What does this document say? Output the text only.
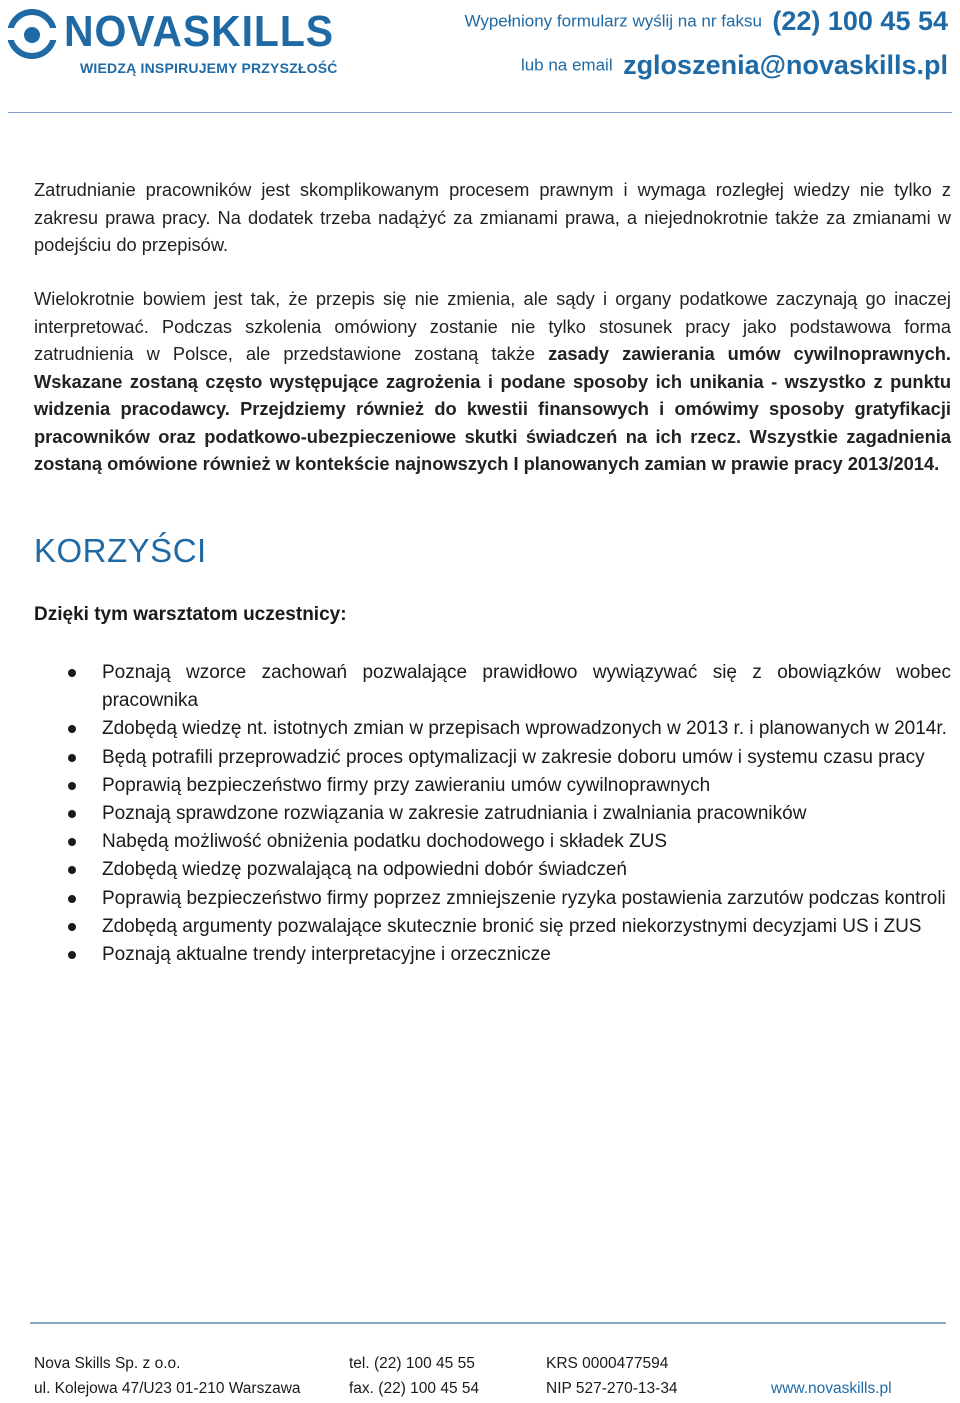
NOVASKILLS
WIEDZĄ INSPIRUJEMY PRZYSZŁOŚĆ
Wypełniony formularz wyślij na nr faksu (22) 100 45 54
lub na email zgloszenia@novaskills.pl
Zatrudnianie pracowników jest skomplikowanym procesem prawnym i wymaga rozległej wiedzy nie tylko z zakresu prawa pracy. Na dodatek trzeba nadążyć za zmianami prawa, a niejednokrotnie także za zmianami w podejściu do przepisów.
Wielokrotnie bowiem jest tak, że przepis się nie zmienia, ale sądy i organy podatkowe zaczynają go inaczej interpretować. Podczas szkolenia omówiony zostanie nie tylko stosunek pracy jako podstawowa forma zatrudnienia w Polsce, ale przedstawione zostaną także zasady zawierania umów cywilnoprawnych. Wskazane zostaną często występujące zagrożenia i podane sposoby ich unikania - wszystko z punktu widzenia pracodawcy. Przejdziemy również do kwestii finansowych i omówimy sposoby gratyfikacji pracowników oraz podatkowo-ubezpieczeniowe skutki świadczeń na ich rzecz. Wszystkie zagadnienia zostaną omówione również w kontekście najnowszych I planowanych zamian w prawie pracy 2013/2014.
KORZYŚCI
Dzięki tym warsztatom uczestnicy:
Poznają wzorce zachowań pozwalające prawidłowo wywiązywać się z obowiązków wobec pracownika
Zdobędą wiedzę nt. istotnych zmian w przepisach wprowadzonych w 2013 r. i planowanych w 2014r.
Będą potrafili przeprowadzić proces optymalizacji w zakresie doboru umów i systemu czasu pracy
Poprawią bezpieczeństwo firmy przy zawieraniu umów cywilnoprawnych
Poznają sprawdzone rozwiązania w zakresie zatrudniania i zwalniania pracowników
Nabędą możliwość obniżenia podatku dochodowego i składek ZUS
Zdobędą wiedzę pozwalającą na odpowiedni dobór świadczeń
Poprawią bezpieczeństwo firmy poprzez zmniejszenie ryzyka postawienia zarzutów podczas kontroli
Zdobędą argumenty pozwalające skutecznie bronić się przed niekorzystnymi decyzjami US i ZUS
Poznają aktualne trendy interpretacyjne i orzecznicze
Nova Skills Sp. z o.o.
ul. Kolejowa 47/U23 01-210 Warszawa
tel. (22) 100 45 55
fax. (22) 100 45 54
KRS 0000477594
NIP 527-270-13-34	www.novaskills.pl
